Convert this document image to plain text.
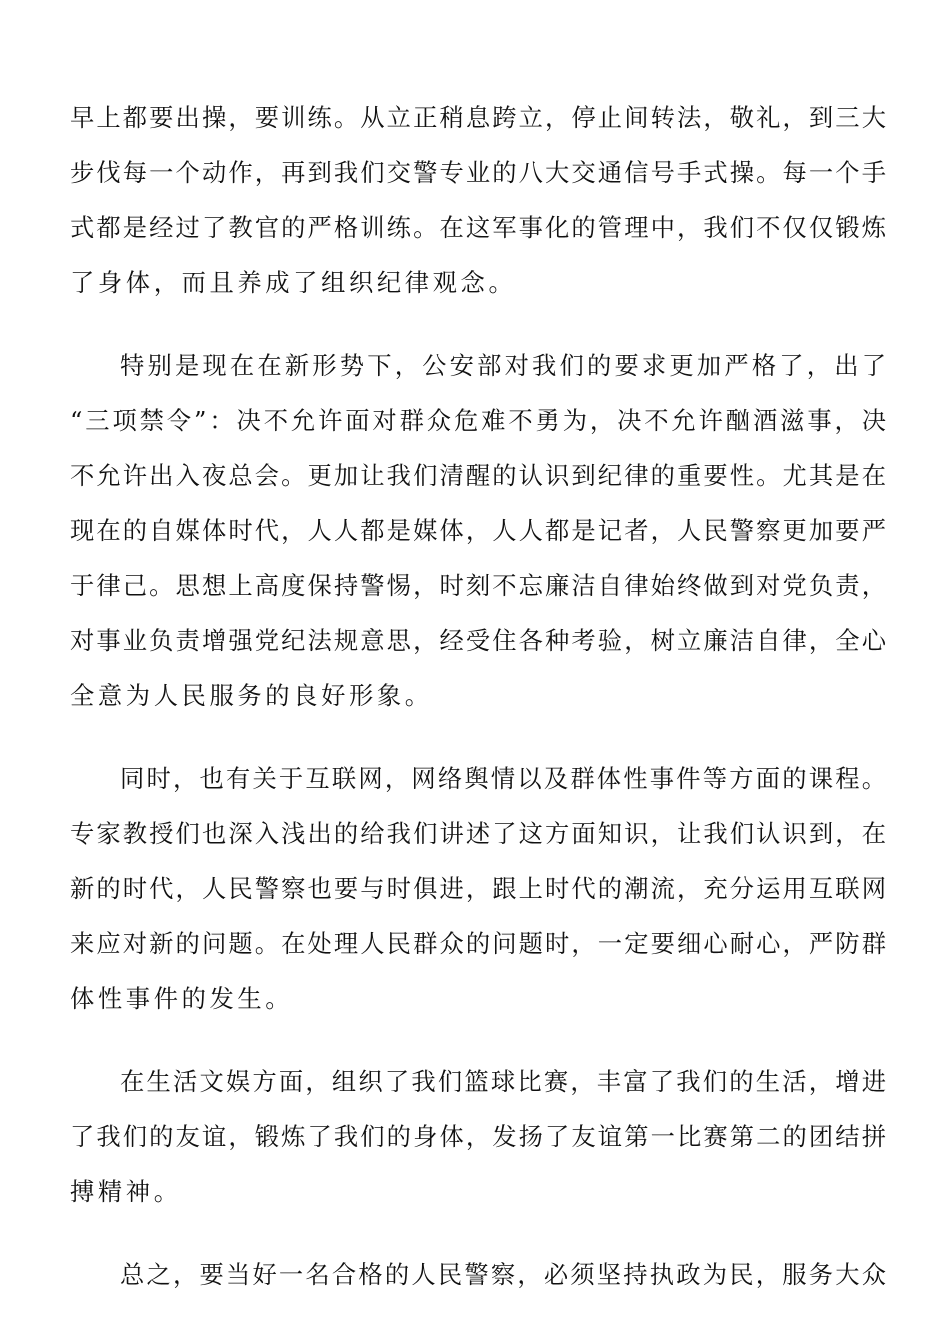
早上都要出操，要训练。从立正稍息跨立，停止间转法，敬礼，到三大
步伐每一个动作，再到我们交警专业的八大交通信号手式操。每一个手
式都是经过了教官的严格训练。在这军事化的管理中，我们不仅仅锻炼
了身体，而且养成了组织纪律观念。
特别是现在在新形势下，公安部对我们的要求更加严格了，出了
“三项禁令”：决不允许面对群众危难不勇为，决不允许酗酒滋事，决
不允许出入夜总会。更加让我们清醒的认识到纪律的重要性。尤其是在
现在的自媒体时代，人人都是媒体，人人都是记者，人民警察更加要严
于律己。思想上高度保持警惕，时刻不忘廉洁自律始终做到对党负责，
对事业负责增强党纪法规意思，经受住各种考验，树立廉洁自律，全心
全意为人民服务的良好形象。
同时，也有关于互联网，网络舆情以及群体性事件等方面的课程。
专家教授们也深入浅出的给我们讲述了这方面知识，让我们认识到，在
新的时代，人民警察也要与时俱进，跟上时代的潮流，充分运用互联网
来应对新的问题。在处理人民群众的问题时，一定要细心耐心，严防群
体性事件的发生。
在生活文娱方面，组织了我们篮球比赛，丰富了我们的生活，增进
了我们的友谊，锻炼了我们的身体，发扬了友谊第一比赛第二的团结拼
搏精神。
总之，要当好一名合格的人民警察，必须坚持执政为民，服务大众
